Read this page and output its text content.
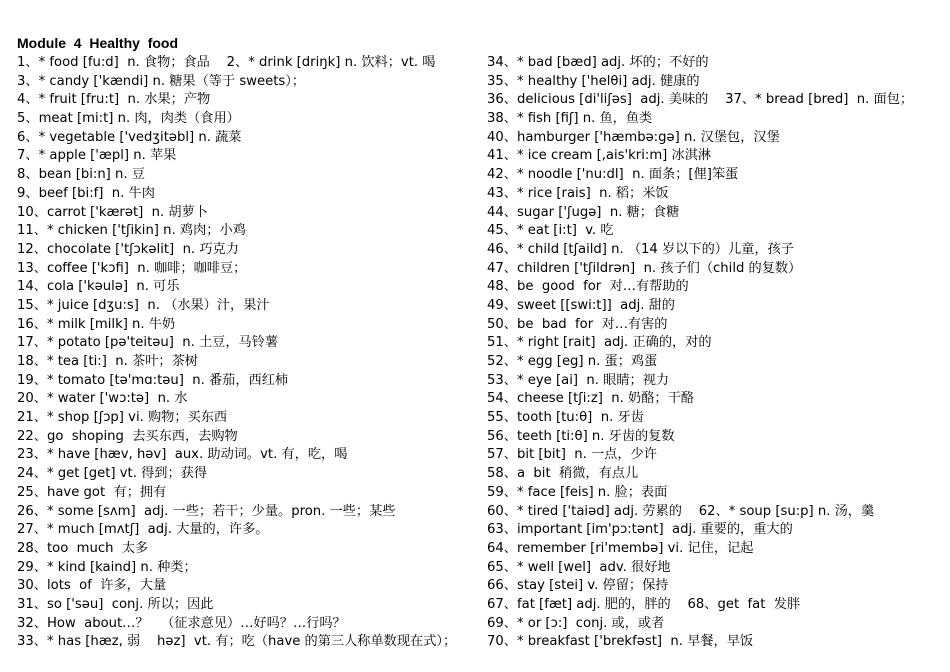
Module  4  Healthy  food
1、* food [fu:d]  n. 食物；食品    2、* drink [driŋk] n. 饮料；vt. 喝
3、* candy ['kændi] n. 糖果（等于 sweets）；
4、* fruit [fru:t]  n. 水果；产物
5、meat [mi:t] n. 肉，肉类（食用）
6、* vegetable ['vedʒitəbl] n. 蔬菜
7、* apple ['æpl] n. 苹果
8、bean [bi:n] n. 豆
9、beef [bi:f]  n. 牛肉
10、carrot ['kærət]  n. 胡萝卜
11、* chicken ['tʃikin] n. 鸡肉；小鸡
12、chocolate ['tʃɔkəlit]  n. 巧克力
13、coffee ['kɔfi]  n. 咖啡；咖啡豆；
14、cola ['kəulə]  n. 可乐
15、* juice [dʒu:s]  n. （水果）汁，果汁
16、* milk [milk] n. 牛奶
17、* potato [pə'teitəu]  n. 土豆，马铃薯
18、* tea [ti:]  n. 茶叶；茶树
19、* tomato [tə'mɑ:təu]  n. 番茄，西红柿
20、* water ['wɔ:tə]  n. 水
21、* shop [ʃɔp] vi. 购物；买东西
22、go  shoping  去买东西，去购物
23、* have [hæv, həv]  aux. 助动词。vt. 有，吃，喝
24、* get [get] vt. 得到；获得
25、have got  有；拥有
26、* some [sʌm]  adj. 一些；若干；少量。pron. 一些；某些
27、* much [mʌtʃ]  adj. 大量的，许多。
28、too  much  太多
29、* kind [kaind] n. 种类；
30、lots  of  许多，大量
31、so ['səu]  conj. 所以；因此
32、How  about…？   （征求意见）…好吗？…行吗？
33、* has [hæz, 弱    həz]  vt. 有；吃（have 的第三人称单数现在式）；
34、* bad [bæd] adj. 坏的；不好的
35、* healthy ['helθi] adj. 健康的
36、delicious [di'liʃəs]  adj. 美味的    37、* bread [bred]  n. 面包；
38、* fish [fiʃ] n. 鱼，鱼类
40、hamburger ['hæmbə:gə] n. 汉堡包，汉堡
41、* ice cream [,ais'kri:m] 冰淇淋
42、* noodle ['nu:dl]  n. 面条；[俚]笨蛋
43、* rice [rais]  n. 稻；米饭
44、sugar ['ʃugə]  n. 糖；食糖
45、* eat [i:t]  v. 吃
46、* child [tʃaild] n. （14 岁以下的）儿童，孩子
47、children ['tʃildrən]  n. 孩子们（child 的复数）
48、be  good  for  对…有帮助的
49、sweet [[swi:t]]  adj. 甜的
50、be  bad  for  对…有害的
51、* right [rait]  adj. 正确的，对的
52、* egg [eg] n. 蛋；鸡蛋
53、* eye [ai]  n. 眼睛；视力
54、cheese [tʃi:z]  n. 奶酪；干酪
55、tooth [tu:θ]  n. 牙齿
56、teeth [ti:θ] n. 牙齿的复数
57、bit [bit]  n. 一点，少许
58、a  bit  稍微，有点儿
59、* face [feis] n. 脸；表面
60、* tired ['taiəd] adj. 劳累的    62、* soup [su:p] n. 汤，羹
63、important [im'pɔ:tənt]  adj. 重要的，重大的
64、remember [ri'membə] vi. 记住，记起
65、* well [wel]  adv. 很好地
66、stay [stei] v. 停留；保持
67、fat [fæt] adj. 肥的，胖的    68、get  fat  发胖
69、* or [ɔ:]  conj. 或，或者
70、* breakfast ['brekfəst]  n. 早餐，早饭
